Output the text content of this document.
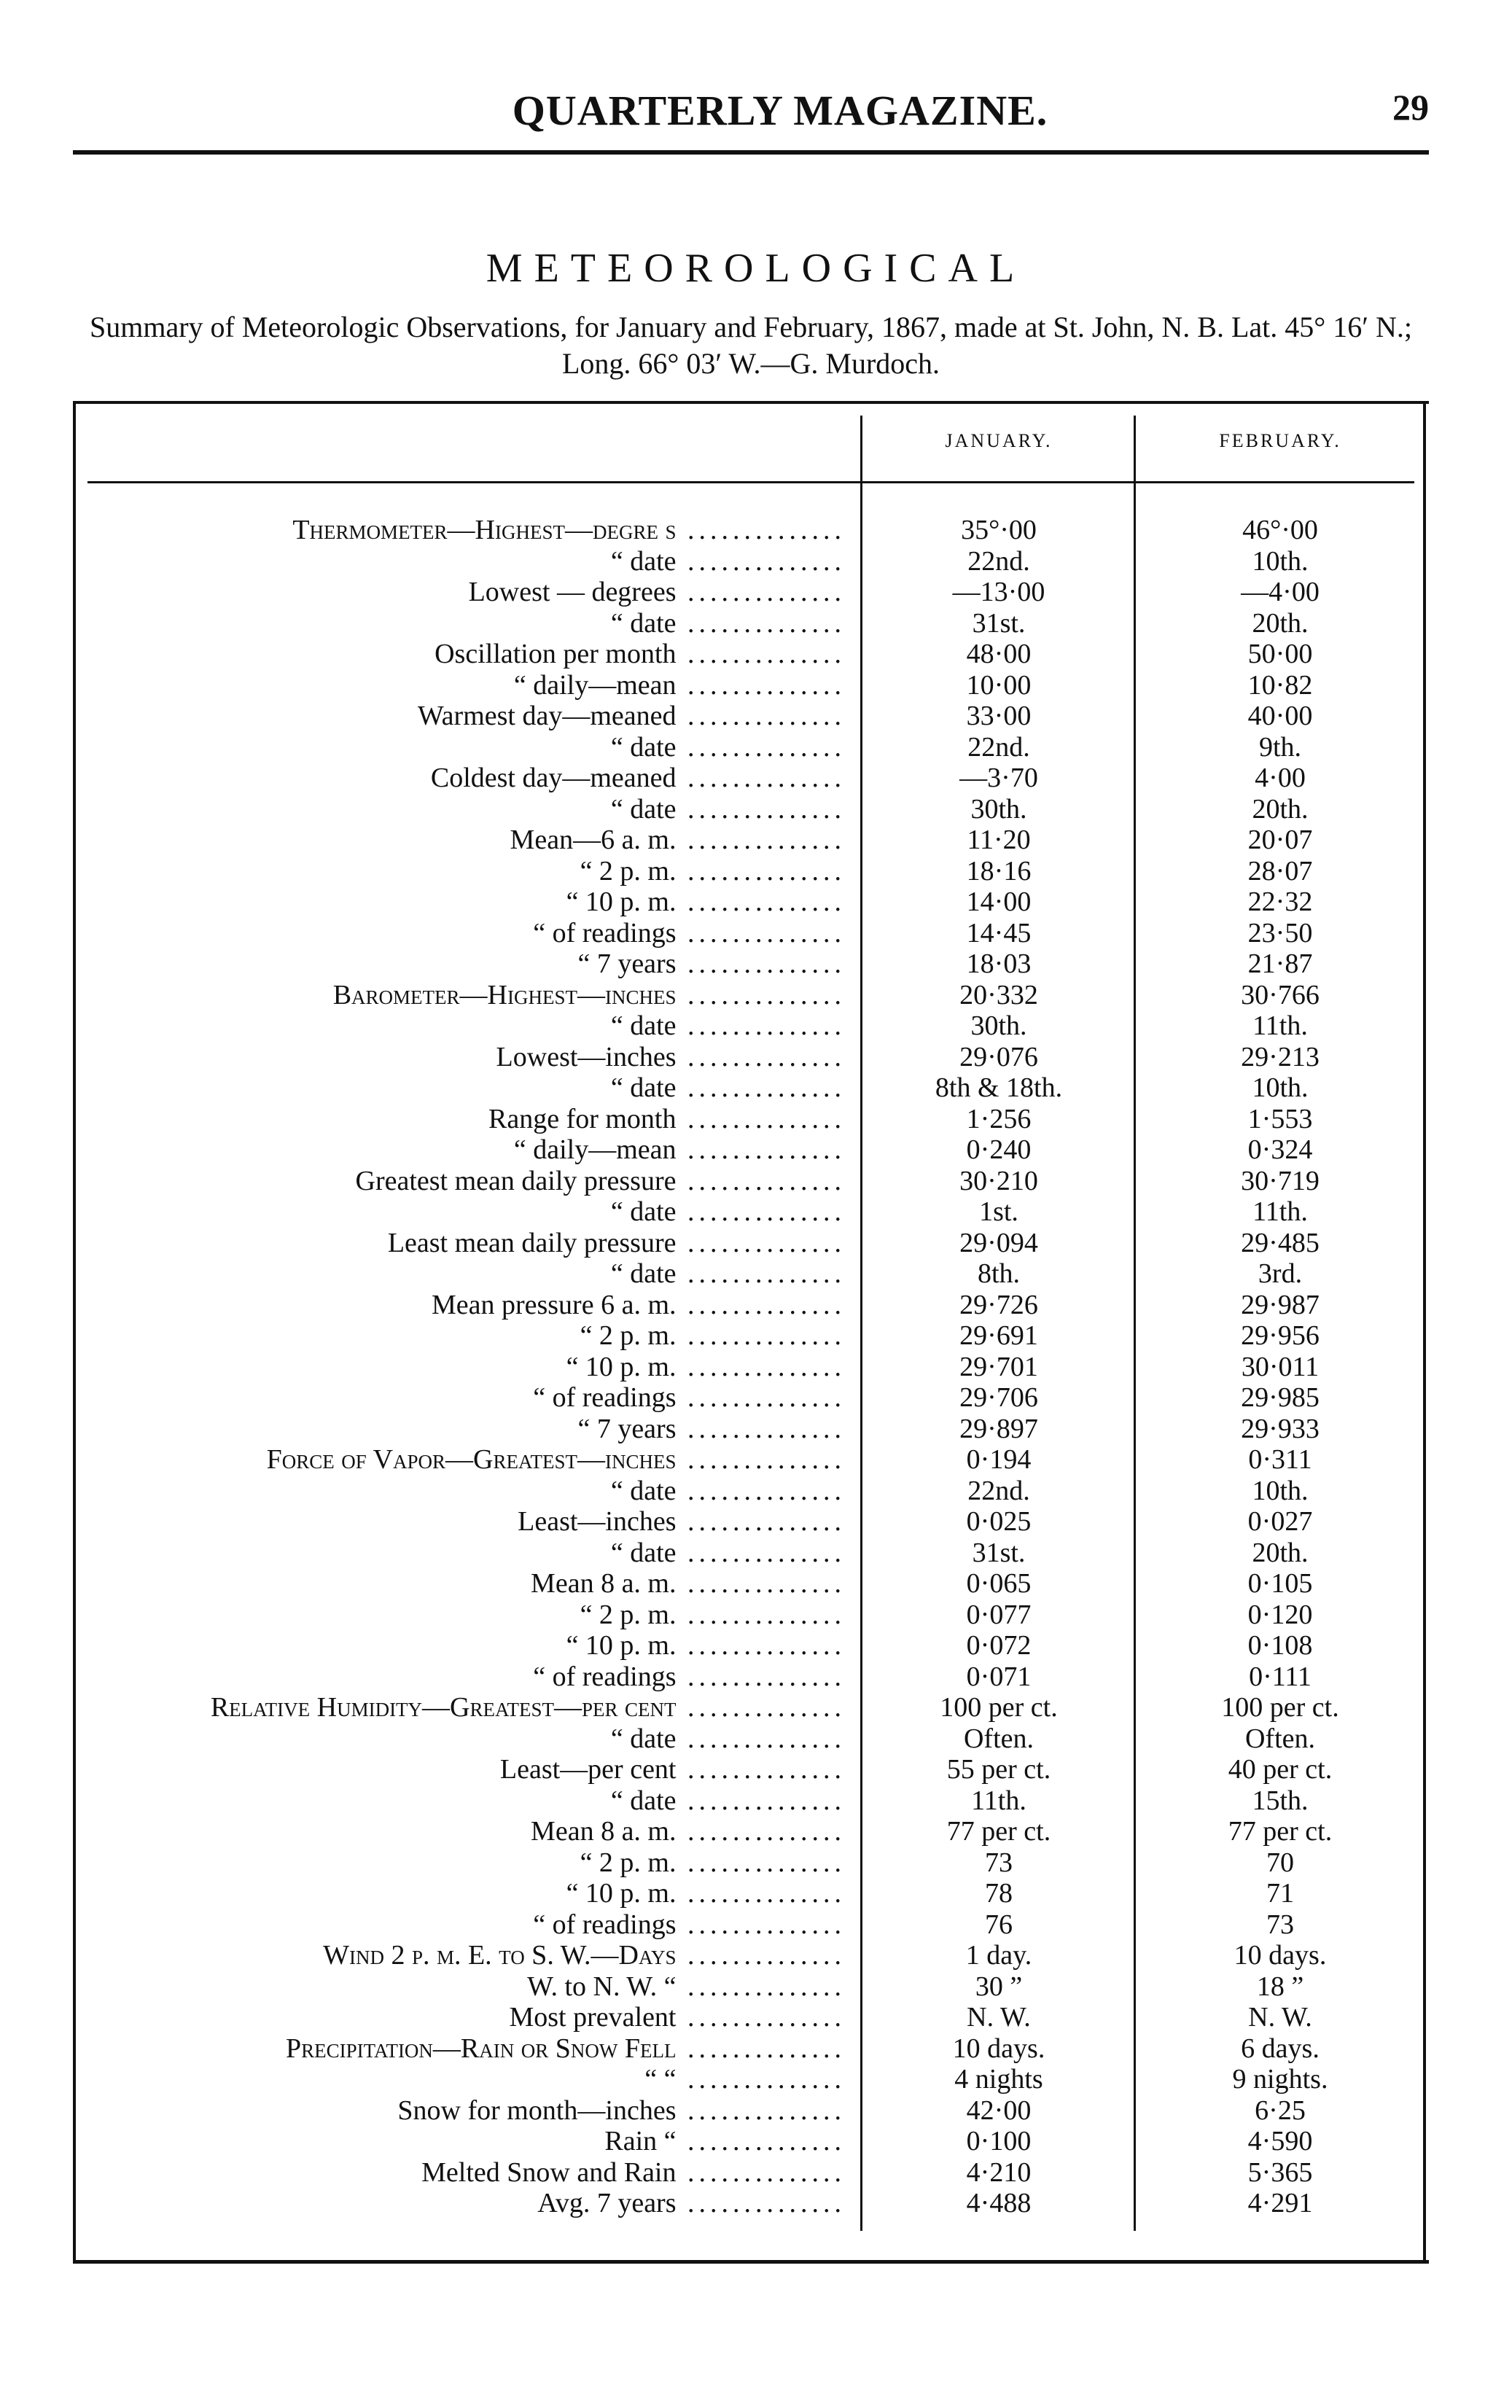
QUARTERLY MAGAZINE.	29
METEOROLOGICAL
Summary of Meteorologic Observations, for January and February, 1867, made at St. John, N. B. Lat. 45° 16′ N.; Long. 66° 03′ W.—G. Murdoch.
JANUARY.	FEBRUARY.
Thermometer—Highest—degre s ..............	35°·00	46°·00
“ date ..............	22nd.	10th.
Lowest — degrees ..............	—13·00	—4·00
“ date ..............	31st.	20th.
Oscillation per month ..............	48·00	50·00
“ daily—mean ..............	10·00	10·82
Warmest day—meaned ..............	33·00	40·00
“ date ..............	22nd.	9th.
Coldest day—meaned ..............	—3·70	4·00
“ date ..............	30th.	20th.
Mean—6 a. m. ..............	11·20	20·07
“ 2 p. m. ..............	18·16	28·07
“ 10 p. m. ..............	14·00	22·32
“ of readings ..............	14·45	23·50
“ 7 years ..............	18·03	21·87
Barometer—Highest—inches ..............	20·332	30·766
“ date ..............	30th.	11th.
Lowest—inches ..............	29·076	29·213
“ date ..............	8th & 18th.	10th.
Range for month ..............	1·256	1·553
“ daily—mean ..............	0·240	0·324
Greatest mean daily pressure ..............	30·210	30·719
“ date ..............	1st.	11th.
Least mean daily pressure ..............	29·094	29·485
“ date ..............	8th.	3rd.
Mean pressure 6 a. m. ..............	29·726	29·987
“ 2 p. m. ..............	29·691	29·956
“ 10 p. m. ..............	29·701	30·011
“ of readings ..............	29·706	29·985
“ 7 years ..............	29·897	29·933
Force of Vapor—Greatest—inches ..............	0·194	0·311
“ date ..............	22nd.	10th.
Least—inches ..............	0·025	0·027
“ date ..............	31st.	20th.
Mean 8 a. m. ..............	0·065	0·105
“ 2 p. m. ..............	0·077	0·120
“ 10 p. m. ..............	0·072	0·108
“ of readings ..............	0·071	0·111
Relative Humidity—Greatest—per cent ..............	100 per ct.	100 per ct.
“ date ..............	Often.	Often.
Least—per cent ..............	55 per ct.	40 per ct.
“ date ..............	11th.	15th.
Mean 8 a. m. ..............	77 per ct.	77 per ct.
“ 2 p. m. ..............	73	70
“ 10 p. m. ..............	78	71
“ of readings ..............	76	73
Wind 2 p. m. E. to S. W.—Days ..............	1 day.	10 days.
W. to N. W. “ ..............	30 ”	18 ”
Most prevalent ..............	N. W.	N. W.
Precipitation—Rain or Snow Fell ..............	10 days.	6 days.
“ “ ..............	4 nights	9 nights.
Snow for month—inches ..............	42·00	6·25
Rain “ ..............	0·100	4·590
Melted Snow and Rain ..............	4·210	5·365
Avg. 7 years ..............	4·488	4·291
